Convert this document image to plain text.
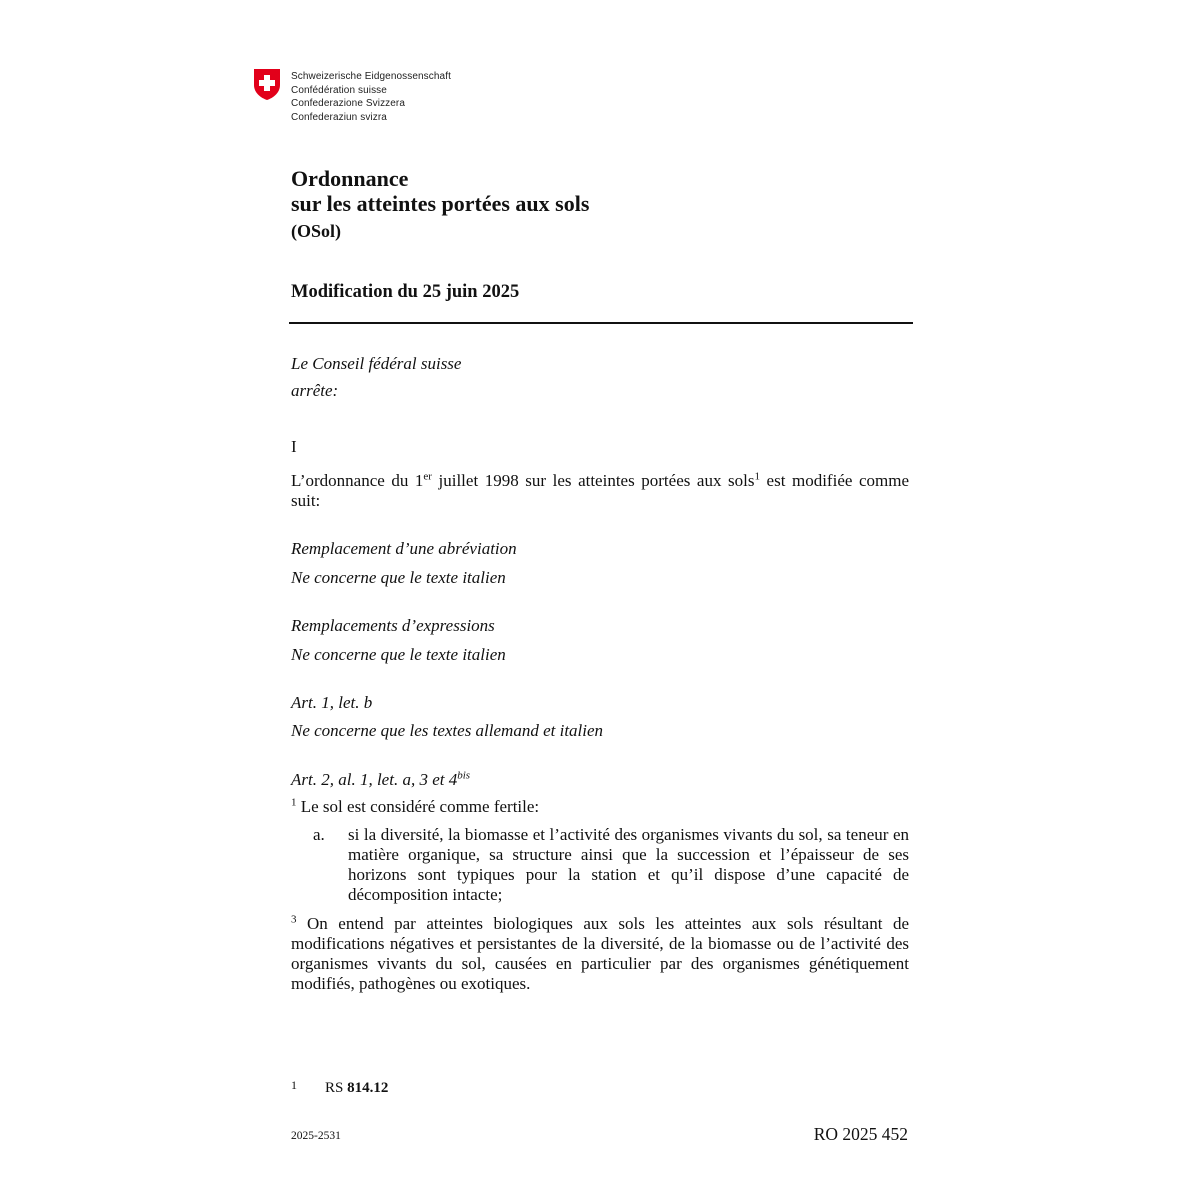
Schweizerische Eidgenossenschaft
Confédération suisse
Confederazione Svizzera
Confederaziun svizra
Ordonnance
sur les atteintes portées aux sols
(OSol)
Modification du 25 juin 2025
Le Conseil fédéral suisse
arrête:
I
L’ordonnance du 1er juillet 1998 sur les atteintes portées aux sols$^1$ est modifiée comme suit:
Remplacement d’une abréviation
Ne concerne que le texte italien
Remplacements d’expressions
Ne concerne que le texte italien
Art. 1, let. b
Ne concerne que les textes allemand et italien
Art. 2, al. 1, let. a, 3 et $4^{bis}$
$^1$ Le sol est considéré comme fertile:
a. si la diversité, la biomasse et l’activité des organismes vivants du sol, sa teneur en matière organique, sa structure ainsi que la succession et l’épaisseur de ses horizons sont typiques pour la station et qu’il dispose d’une capacité de décomposition intacte;
$^3$ On entend par atteintes biologiques aux sols les atteintes aux sols résultant de modifications négatives et persistantes de la diversité, de la biomasse ou de l’activité des organismes vivants du sol, causées en particulier par des organismes génétiquement modifiés, pathogènes ou exotiques.
1 RS 814.12
2025-2531	RO 2025 452
